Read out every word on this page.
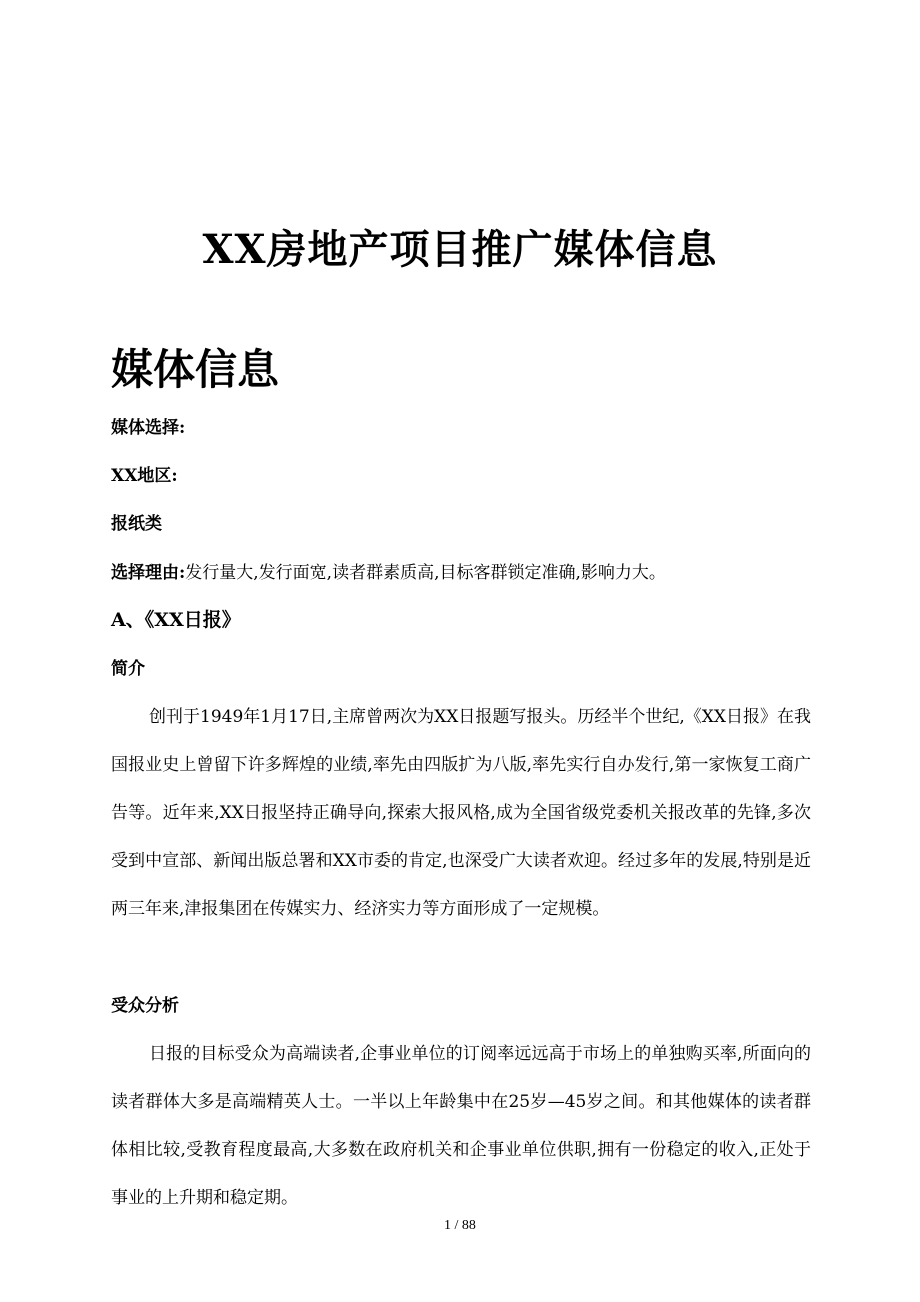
XX房地产项目推广媒体信息
媒体信息

媒体选择:

XX地区:

报纸类

选择理由:发行量大,发行面宽,读者群素质高,目标客群锁定准确,影响力大。

A、《XX日报》

简介

创刊于1949年1月17日,主席曾两次为XX日报题写报头。历经半个世纪,《XX日报》在我国报业史上曾留下许多辉煌的业绩,率先由四版扩为八版,率先实行自办发行,第一家恢复工商广告等。近年来,XX日报坚持正确导向,探索大报风格,成为全国省级党委机关报改革的先锋,多次受到中宣部、新闻出版总署和XX市委的肯定,也深受广大读者欢迎。经过多年的发展,特别是近两三年来,津报集团在传媒实力、经济实力等方面形成了一定规模。

受众分析

日报的目标受众为高端读者,企事业单位的订阅率远远高于市场上的单独购买率,所面向的读者群体大多是高端精英人士。一半以上年龄集中在25岁—45岁之间。和其他媒体的读者群体相比较,受教育程度最高,大多数在政府机关和企事业单位供职,拥有一份稳定的收入,正处于事业的上升期和稳定期。

1 / 88
